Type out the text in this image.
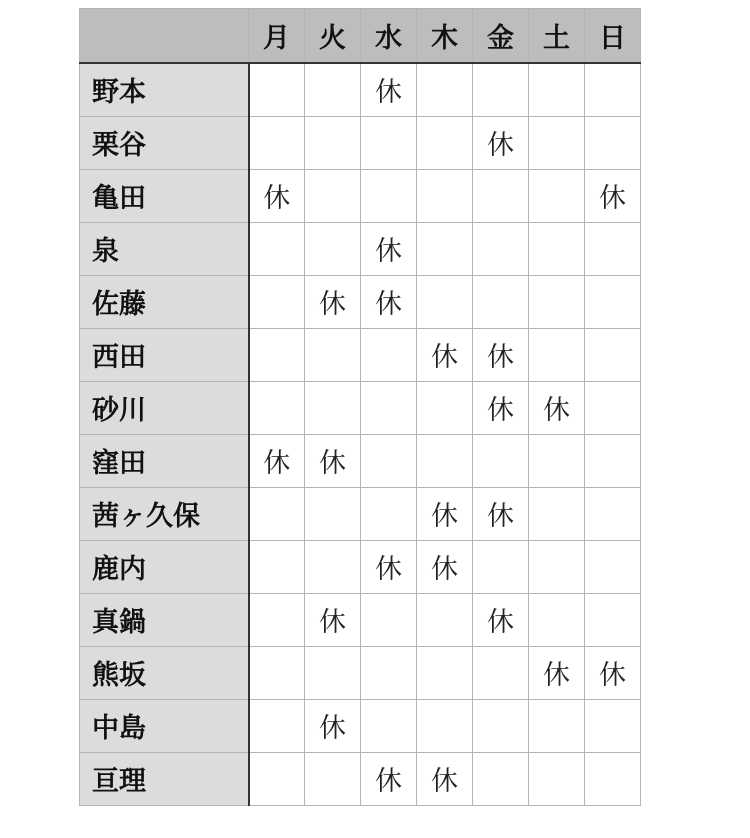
	月	火	水	木	金	土	日
野本			休				
栗谷					休		
亀田	休						休
泉			休				
佐藤		休	休				
西田				休	休		
砂川					休	休	
窪田	休	休					
茜ヶ久保				休	休		
鹿内			休	休			
真鍋		休			休		
熊坂						休	休
中島		休					
亘理			休	休			
